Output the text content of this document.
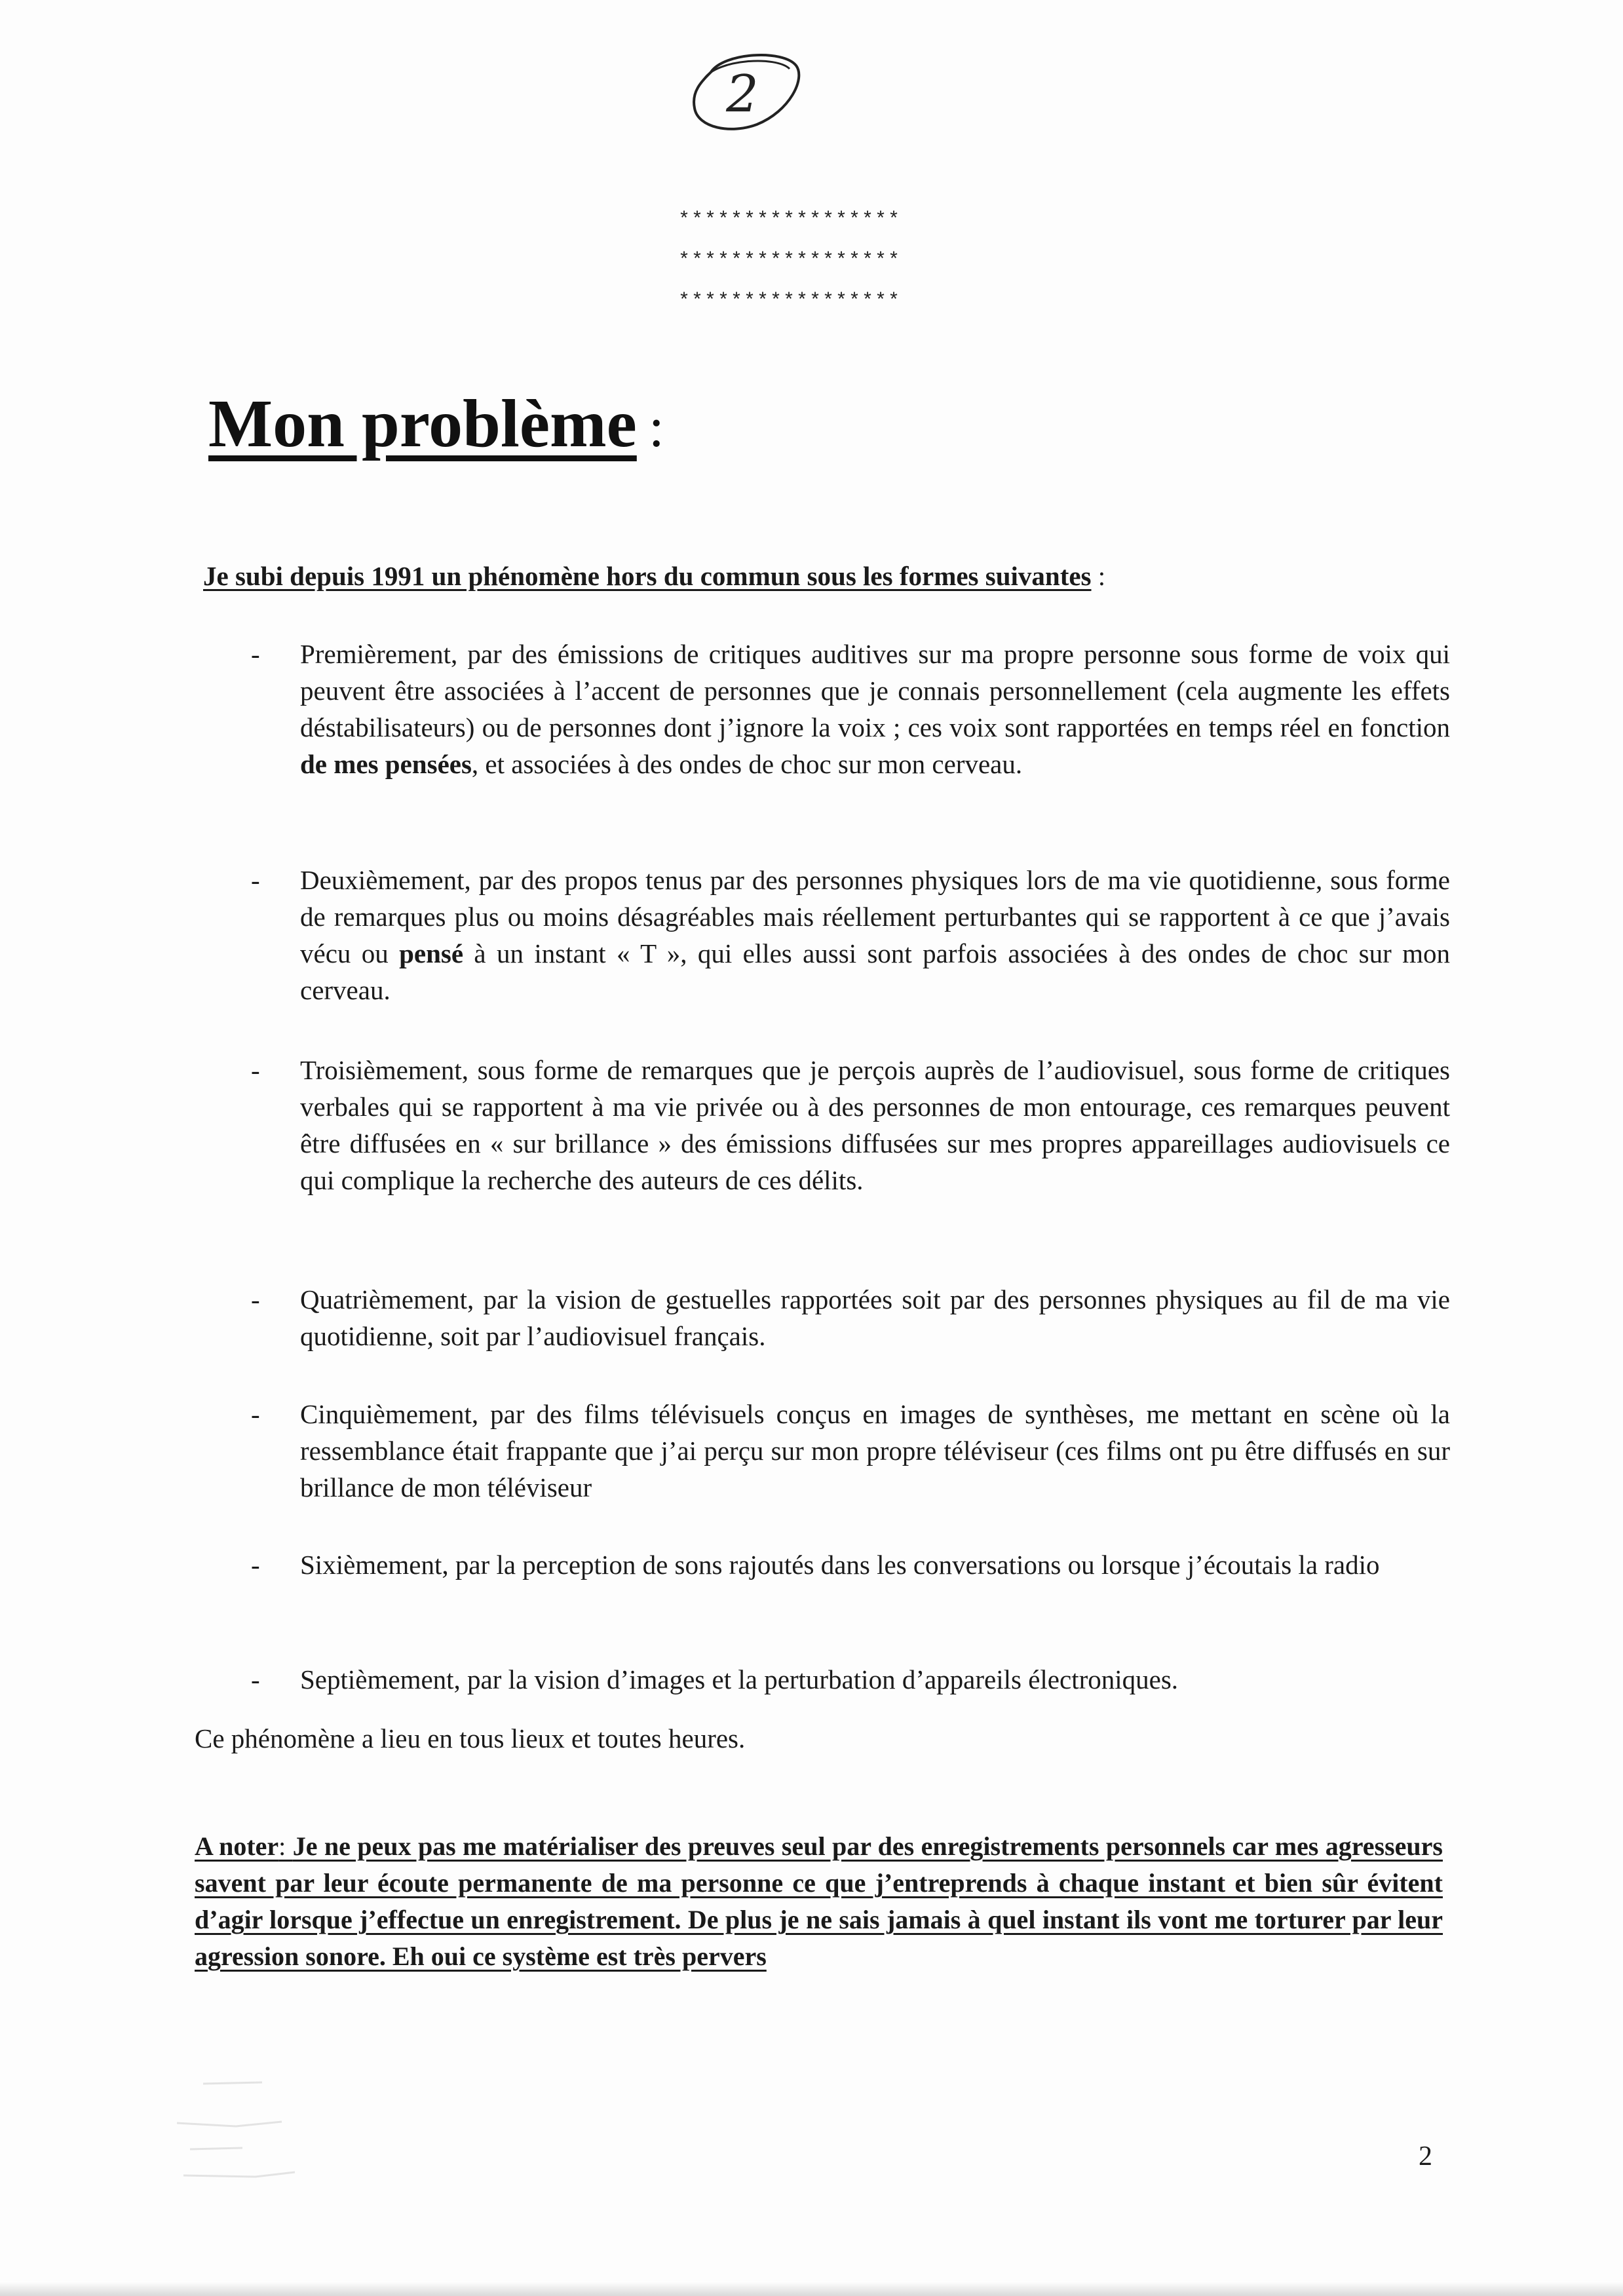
2
*****************
*****************
*****************
Mon problème :
Je subi depuis 1991 un phénomène hors du commun sous les formes suivantes :
- Premièrement, par des émissions de critiques auditives sur ma propre personne sous forme de voix qui peuvent être associées à l’accent de personnes que je connais personnellement (cela augmente les effets déstabilisateurs) ou de personnes dont j’ignore la voix ; ces voix sont rapportées en temps réel en fonction de mes pensées, et associées à des ondes de choc sur mon cerveau.
- Deuxièmement, par des propos tenus par des personnes physiques lors de ma vie quotidienne, sous forme de remarques plus ou moins désagréables mais réellement perturbantes qui se rapportent à ce que j’avais vécu ou pensé à un instant « T », qui elles aussi sont parfois associées à des ondes de choc sur mon cerveau.
- Troisièmement, sous forme de remarques que je perçois auprès de l’audiovisuel, sous forme de critiques verbales qui se rapportent à ma vie privée ou à des personnes de mon entourage, ces remarques peuvent être diffusées en « sur brillance » des émissions diffusées sur mes propres appareillages audiovisuels ce qui complique la recherche des auteurs de ces délits.
- Quatrièmement, par la vision de gestuelles rapportées soit par des personnes physiques au fil de ma vie quotidienne, soit par l’audiovisuel français.
- Cinquièmement, par des films télévisuels conçus en images de synthèses, me mettant en scène où la ressemblance était frappante que j’ai perçu sur mon propre téléviseur (ces films ont pu être diffusés en sur brillance de mon téléviseur
- Sixièmement, par la perception de sons rajoutés dans les conversations ou lorsque j’écoutais la radio
- Septièmement, par la vision d’images et la perturbation d’appareils électroniques.
Ce phénomène a lieu en tous lieux et toutes heures.
A noter: Je ne peux pas me matérialiser des preuves seul par des enregistrements personnels car mes agresseurs savent par leur écoute permanente de ma personne ce que j’entreprends à chaque instant et bien sûr évitent d’agir lorsque j’effectue un enregistrement. De plus je ne sais jamais à quel instant ils vont me torturer par leur agression sonore. Eh oui ce système est très pervers
2
